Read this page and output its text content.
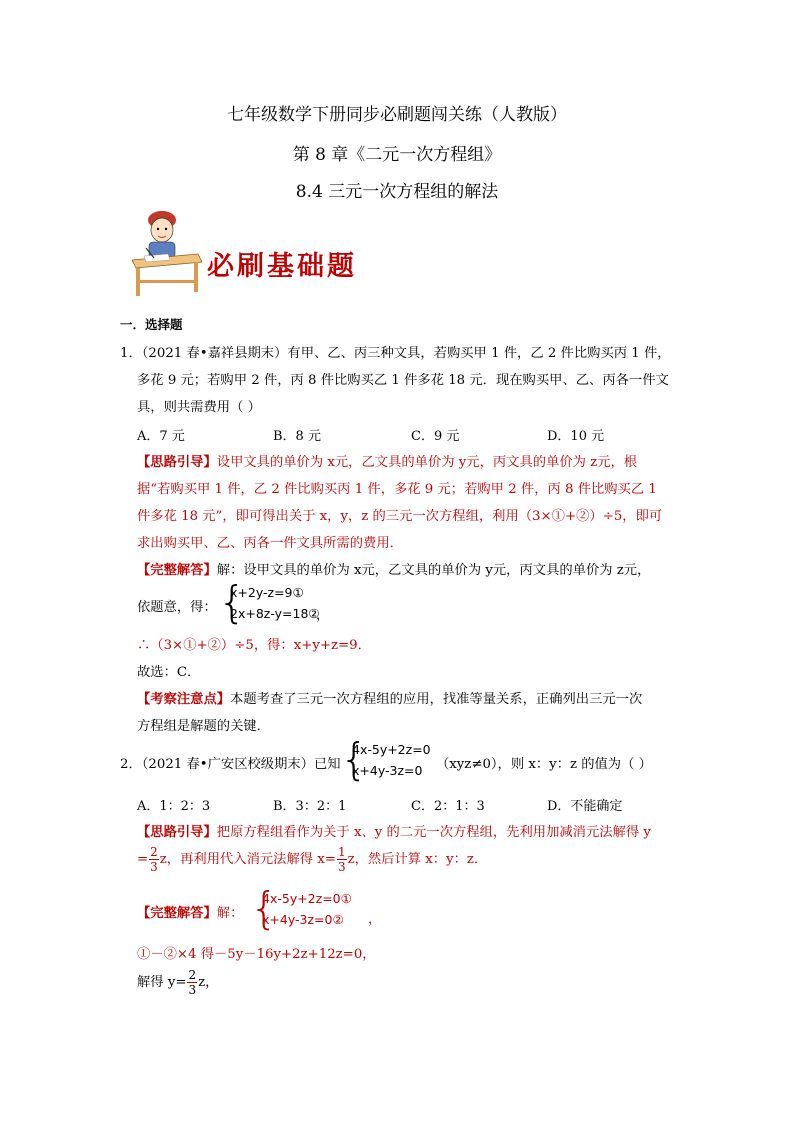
七年级数学下册同步必刷题闯关练（人教版）
第 8 章《二元一次方程组》
8.4 三元一次方程组的解法
必刷基础题
一．选择题
1．（2021 春•嘉祥县期末）有甲、乙、丙三种文具，若购买甲 1 件，乙 2 件比购买丙 1 件，
多花 9 元；若购甲 2 件，丙 8 件比购买乙 1 件多花 18 元．现在购买甲、乙、丙各一件文
具，则共需费用（ ）
A．7 元	B．8 元	C．9 元	D．10 元
【思路引导】设甲文具的单价为 x元，乙文具的单价为 y元，丙文具的单价为 z元，根
据“若购买甲 1 件，乙 2 件比购买丙 1 件，多花 9 元；若购甲 2 件，丙 8 件比购买乙 1
件多花 18 元”，即可得出关于 x，y，z 的三元一次方程组，利用（3×①+②）÷5，即可
求出购买甲、乙、丙各一件文具所需的费用．
【完整解答】解：设甲文具的单价为 x元，乙文具的单价为 y元，丙文具的单价为 z元，
依题意，得： {
x+2y-z=9①
2x+8z-y=18②
，
∴（3×①+②）÷5，得：x+y+z=9．
故选：C．
【考察注意点】本题考查了三元一次方程组的应用，找准等量关系，正确列出三元一次
方程组是解题的关键．
2．（2021 春•广安区校级期末）已知 {
4x-5y+2z=0
x+4y-3z=0 （xyz≠0），则 x：y：z 的值为（ ）
A．1：2：3	B．3：2：1	C．2：1：3	D．不能确定
【思路引导】把原方程组看作为关于 x、y 的二元一次方程组，先利用加减消元法解得 y
= $\frac{2}{3}$ z，再利用代入消元法解得 $x= \frac{1}{3}$ z，然后计算 x：y：z．
【完整解答】解： {
4x-5y+2z=0①
x+4y-3z=0② ，
①－②×4 得－5y－16y+2z+12z=0，
解得 $y= \frac{2}{3}$ z，
